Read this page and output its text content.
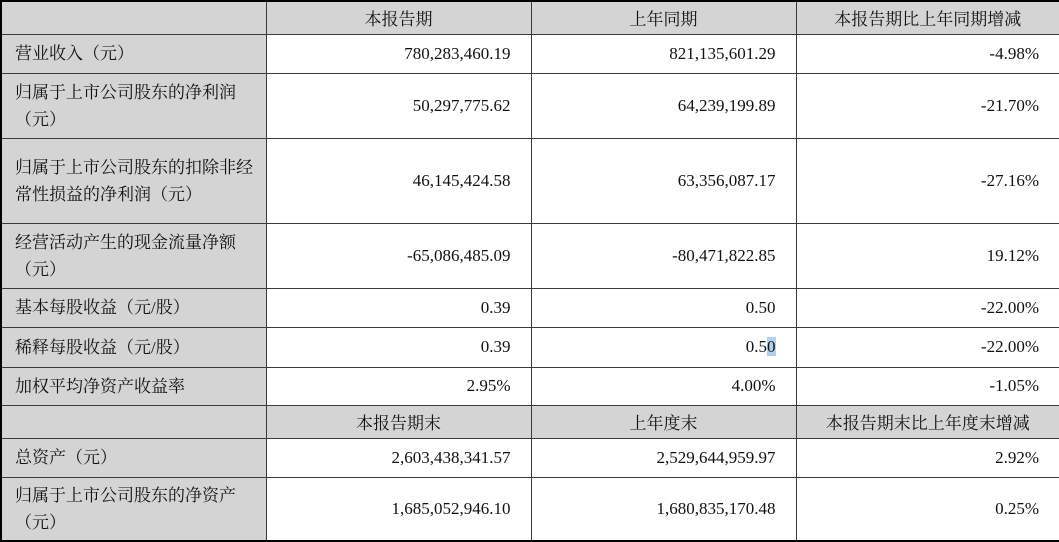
	本报告期	上年同期	本报告期比上年同期增减
营业收入（元）	780,283,460.19	821,135,601.29	-4.98%
归属于上市公司股东的净利润（元）	50,297,775.62	64,239,199.89	-21.70%
归属于上市公司股东的扣除非经常性损益的净利润（元）	46,145,424.58	63,356,087.17	-27.16%
经营活动产生的现金流量净额（元）	-65,086,485.09	-80,471,822.85	19.12%
基本每股收益（元/股）	0.39	0.50	-22.00%
稀释每股收益（元/股）	0.39	0.50	-22.00%
加权平均净资产收益率	2.95%	4.00%	-1.05%
	本报告期末	上年度末	本报告期末比上年度末增减
总资产（元）	2,603,438,341.57	2,529,644,959.97	2.92%
归属于上市公司股东的净资产（元）	1,685,052,946.10	1,680,835,170.48	0.25%
